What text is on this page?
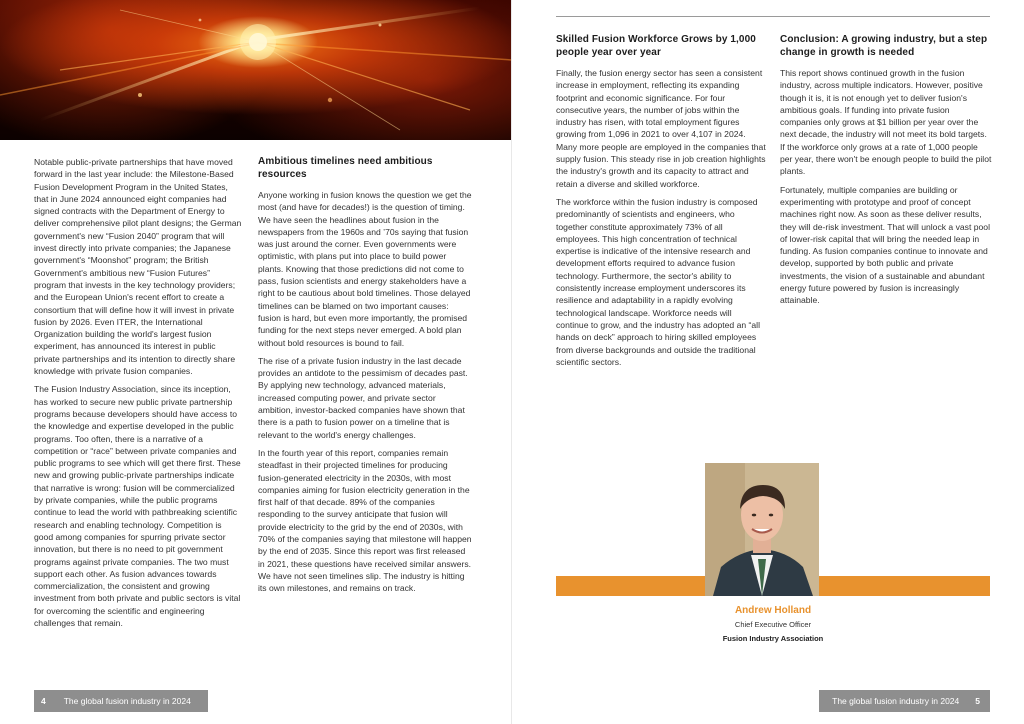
Notable public-private partnerships that have moved forward in the last year include: the Milestone-Based Fusion Development Program in the United States, that in June 2024 announced eight companies had signed contracts with the Department of Energy to deliver comprehensive pilot plant designs; the German government's new “Fusion 2040” program that will invest directly into private companies; the Japanese government's “Moonshot” program; the British Government's ambitious new “Fusion Futures” program that invests in the key technology providers; and the European Union's recent effort to create a consortium that will define how it will invest in private fusion by 2026. Even ITER, the International Organization building the world's largest fusion experiment, has announced its interest in public private partnerships and its intention to directly share knowledge with private fusion companies.

The Fusion Industry Association, since its inception, has worked to secure new public private partnership programs because developers should have access to the knowledge and expertise developed in the public programs. Too often, there is a narrative of a competition or “race” between private companies and public programs to see which will get there first. These new and growing public-private partnerships indicate that narrative is wrong: fusion will be commercialized by private companies, while the public programs continue to lead the world with pathbreaking scientific research and enabling technology. Competition is good among companies for spurring private sector innovation, but there is no need to pit government programs against private companies. The two must support each other. As fusion advances towards commercialization, the consistent and growing investment from both private and public sectors is vital for overcoming the scientific and engineering challenges that remain.

Ambitious timelines need ambitious resources

Anyone working in fusion knows the question we get the most (and have for decades!) is the question of timing. We have seen the headlines about fusion in the newspapers from the 1960s and ’70s saying that fusion was just around the corner. Even governments were optimistic, with plans put into place to build power plants. Knowing that those predictions did not come to pass, fusion scientists and energy stakeholders have a right to be cautious about bold timelines. Those delayed timelines can be blamed on two important causes: fusion is hard, but even more importantly, the promised funding for the next steps never emerged. A bold plan without bold resources is bound to fail.

The rise of a private fusion industry in the last decade provides an antidote to the pessimism of decades past. By applying new technology, advanced materials, increased computing power, and private sector ambition, investor-backed companies have shown that there is a path to fusion power on a timeline that is relevant to the world's energy challenges.

In the fourth year of this report, companies remain steadfast in their projected timelines for producing fusion-generated electricity in the 2030s, with most companies aiming for fusion electricity generation in the first half of that decade. 89% of the companies responding to the survey anticipate that fusion will provide electricity to the grid by the end of 2030s, with 70% of the companies saying that milestone will happen by the end of 2035. Since this report was first released in 2021, these questions have received similar answers. We have not seen timelines slip. The industry is hitting its own milestones, and remains on track.

4 The global fusion industry in 2024
Skilled Fusion Workforce Grows by 1,000 people year over year

Finally, the fusion energy sector has seen a consistent increase in employment, reflecting its expanding footprint and economic significance. For four consecutive years, the number of jobs within the industry has risen, with total employment figures growing from 1,096 in 2021 to over 4,107 in 2024. Many more people are employed in the companies that supply fusion. This steady rise in job creation highlights the industry's growth and its capacity to attract and retain a diverse and skilled workforce.

The workforce within the fusion industry is composed predominantly of scientists and engineers, who together constitute approximately 73% of all employees. This high concentration of technical expertise is indicative of the intensive research and development efforts required to advance fusion technology. Furthermore, the sector's ability to consistently increase employment underscores its resilience and adaptability in a rapidly evolving technological landscape. Workforce needs will continue to grow, and the industry has adopted an “all hands on deck” approach to hiring skilled employees from diverse backgrounds and outside the traditional scientific sectors.

Conclusion: A growing industry, but a step change in growth is needed

This report shows continued growth in the fusion industry, across multiple indicators. However, positive though it is, it is not enough yet to deliver fusion's ambitious goals. If funding into private fusion companies only grows at $1 billion per year over the next decade, the industry will not meet its bold targets. If the workforce only grows at a rate of 1,000 people per year, there won't be enough people to build the pilot plants.

Fortunately, multiple companies are building or experimenting with prototype and proof of concept machines right now. As soon as these deliver results, they will de-risk investment. That will unlock a vast pool of lower-risk capital that will bring the needed leap in funding. As fusion companies continue to innovate and develop, supported by both public and private investments, the vision of a sustainable and abundant energy future powered by fusion is increasingly attainable.

Andrew Holland
Chief Executive Officer
Fusion Industry Association
The global fusion industry in 2024 5
